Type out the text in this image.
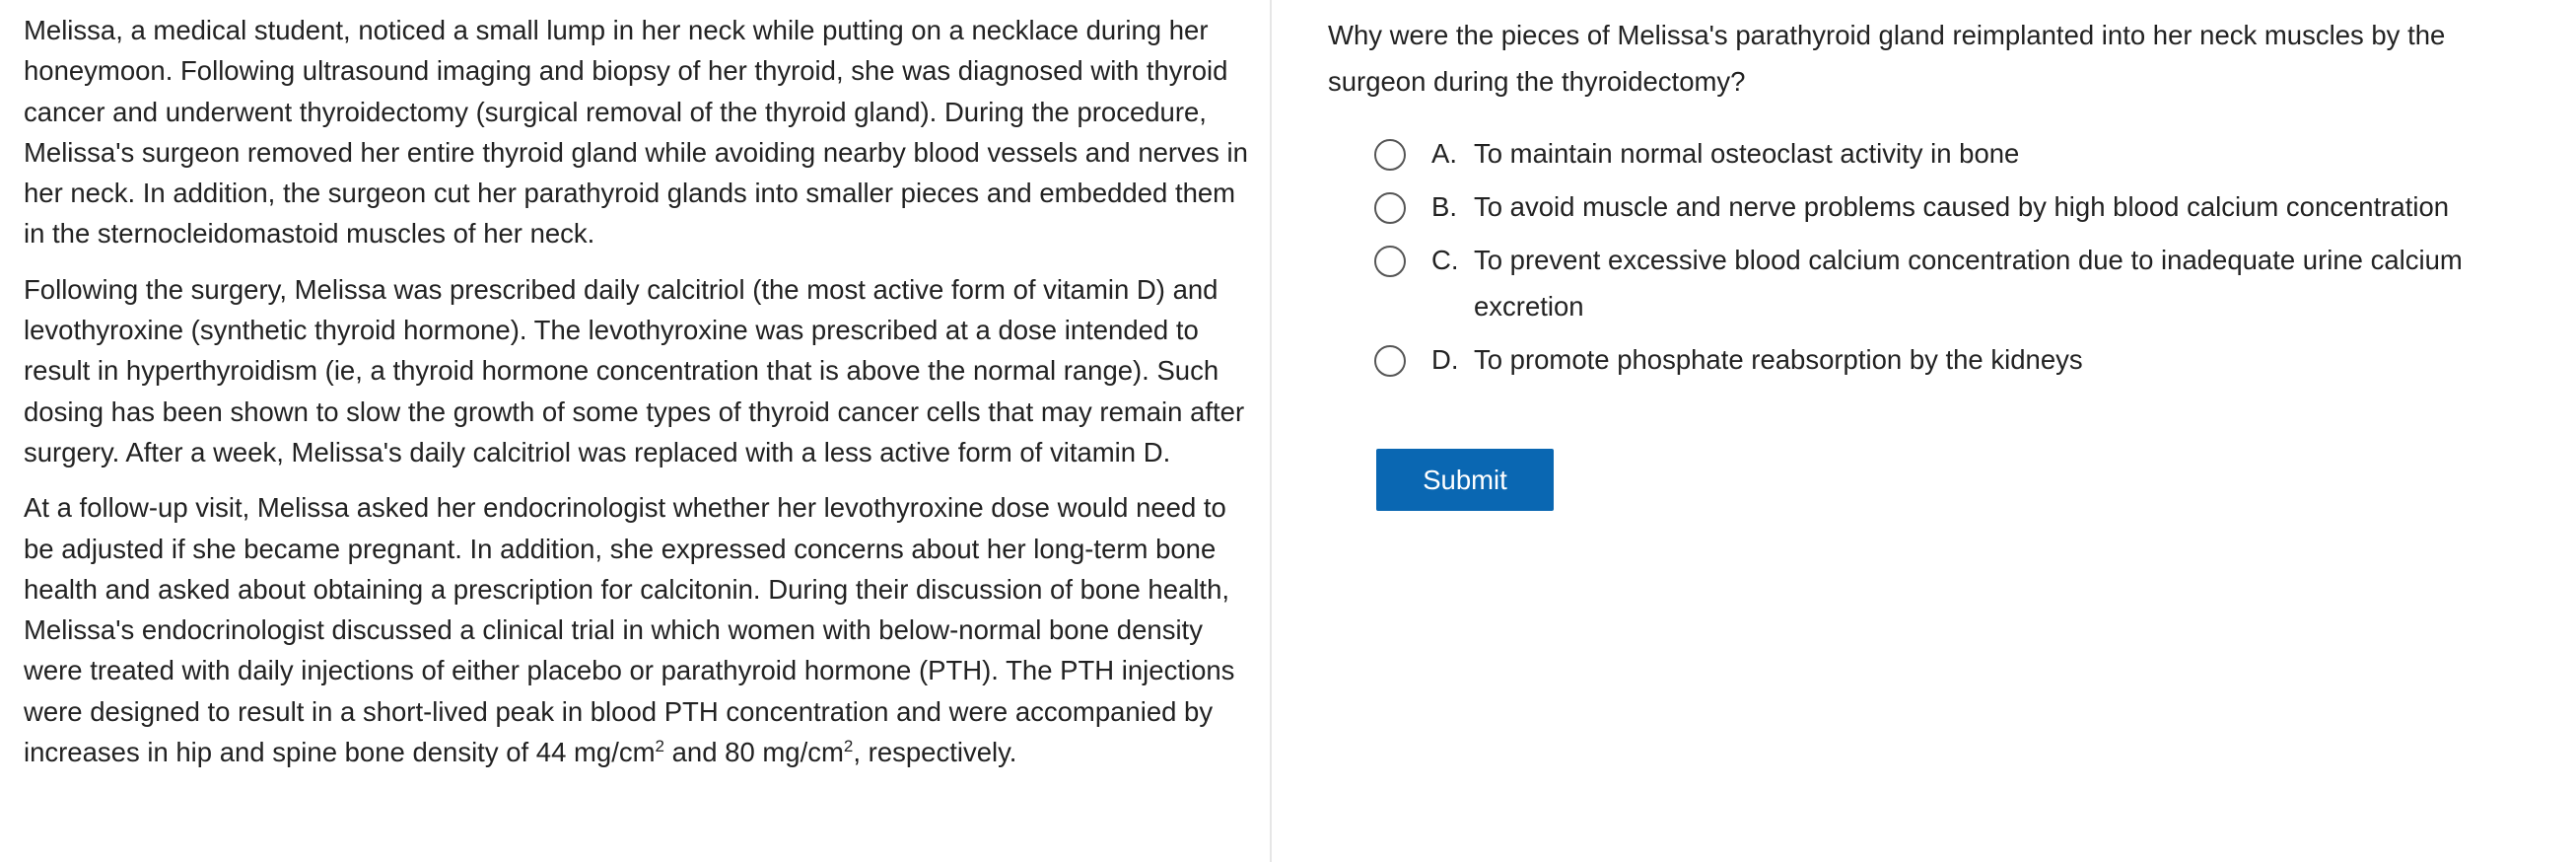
Melissa, a medical student, noticed a small lump in her neck while putting on a necklace during her honeymoon. Following ultrasound imaging and biopsy of her thyroid, she was diagnosed with thyroid cancer and underwent thyroidectomy (surgical removal of the thyroid gland). During the procedure, Melissa's surgeon removed her entire thyroid gland while avoiding nearby blood vessels and nerves in her neck. In addition, the surgeon cut her parathyroid glands into smaller pieces and embedded them in the sternocleidomastoid muscles of her neck.

Following the surgery, Melissa was prescribed daily calcitriol (the most active form of vitamin D) and levothyroxine (synthetic thyroid hormone). The levothyroxine was prescribed at a dose intended to result in hyperthyroidism (ie, a thyroid hormone concentration that is above the normal range). Such dosing has been shown to slow the growth of some types of thyroid cancer cells that may remain after surgery. After a week, Melissa's daily calcitriol was replaced with a less active form of vitamin D.

At a follow-up visit, Melissa asked her endocrinologist whether her levothyroxine dose would need to be adjusted if she became pregnant. In addition, she expressed concerns about her long-term bone health and asked about obtaining a prescription for calcitonin. During their discussion of bone health, Melissa's endocrinologist discussed a clinical trial in which women with below-normal bone density were treated with daily injections of either placebo or parathyroid hormone (PTH). The PTH injections were designed to result in a short-lived peak in blood PTH concentration and were accompanied by increases in hip and spine bone density of 44 $mg/cm^2$ and 80 $mg/cm^2$, respectively.

Why were the pieces of Melissa's parathyroid gland reimplanted into her neck muscles by the surgeon during the thyroidectomy?

A. To maintain normal osteoclast activity in bone
B. To avoid muscle and nerve problems caused by high blood calcium concentration
C. To prevent excessive blood calcium concentration due to inadequate urine calcium excretion
D. To promote phosphate reabsorption by the kidneys
Submit
